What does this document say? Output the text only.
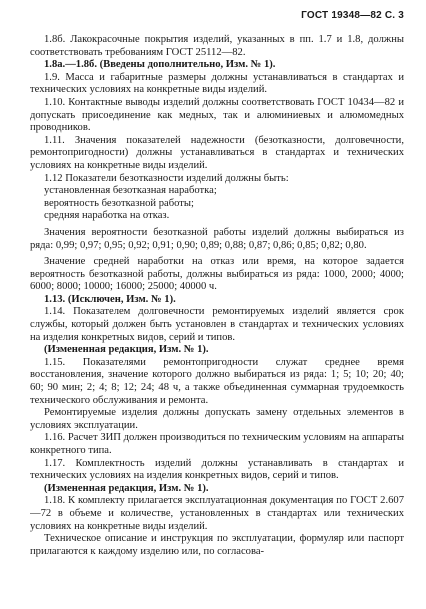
ГОСТ 19348—82 С. 3

1.8б. Лакокрасочные покрытия изделий, указанных в пп. 1.7 и 1.8, должны соответствовать требованиям ГОСТ 25112—82.

1.8а.—1.8б. (Введены дополнительно, Изм. № 1).

1.9. Масса и габаритные размеры должны устанавливаться в стандартах и технических условиях на конкретные виды изделий.

1.10. Контактные выводы изделий должны соответствовать ГОСТ 10434—82 и допускать присоединение как медных, так и алюминиевых и алюмомедных проводников.

1.11. Значения показателей надежности (безотказности, долговечности, ремонтопригодности) должны устанавливаться в стандартах и технических условиях на конкретные виды изделий.

1.12 Показатели безотказности изделий должны быть:

установленная безотказная наработка;

вероятность безотказной работы;

средняя наработка на отказ.

Значения вероятности безотказной работы изделий должны выбираться из ряда: 0,99; 0,97; 0,95; 0,92; 0,91; 0,90; 0,89; 0,88; 0,87; 0,86; 0,85; 0,82; 0,80.

Значение средней наработки на отказ или время, на которое задается вероятность безотказной работы, должны выбираться из ряда: 1000, 2000; 4000; 6000; 8000; 10000; 16000; 25000; 40000 ч.

1.13. (Исключен, Изм. № 1).

1.14. Показателем долговечности ремонтируемых изделий является срок службы, который должен быть установлен в стандартах и технических условиях на изделия конкретных видов, серий и типов.

(Измененная редакция, Изм. № 1).

1.15. Показателями ремонтопригодности служат среднее время восстановления, значение которого должно выбираться из ряда: 1; 5; 10; 20; 40; 60; 90 мин; 2; 4; 8; 12; 24; 48 ч, а также объединенная суммарная трудоемкость технического обслуживания и ремонта.

Ремонтируемые изделия должны допускать замену отдельных элементов в условиях эксплуатации.

1.16. Расчет ЗИП должен производиться по техническим условиям на аппараты конкретного типа.

1.17. Комплектность изделий должны устанавливать в стандартах и технических условиях на изделия конкретных видов, серий и типов.

(Измененная редакция, Изм. № 1).

1.18. К комплекту прилагается эксплуатационная документация по ГОСТ 2.607—72 в объеме и количестве, установленных в стандартах или технических условиях на конкретные виды изделий.

Техническое описание и инструкция по эксплуатации, формуляр или паспорт прилагаются к каждому изделию или, по согласова-
